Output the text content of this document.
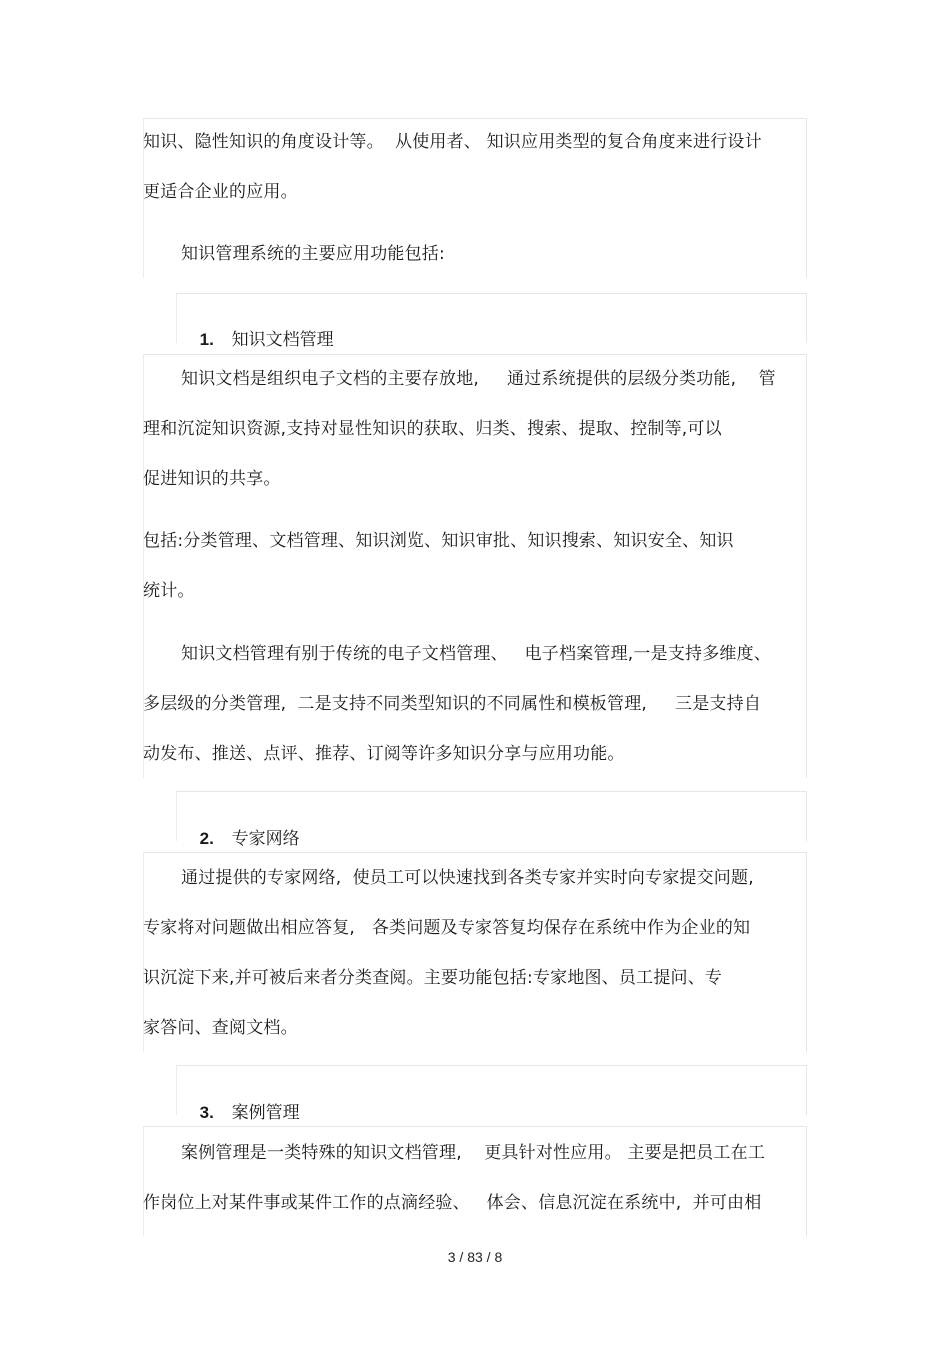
知识、隐性知识的角度设计等。  从使用者、 知识应用类型的复合角度来进行设计
更适合企业的应用。
知识管理系统的主要应用功能包括:

1. 知识文档管理

知识文档是组织电子文档的主要存放地,     通过系统提供的层级分类功能,    管
理和沉淀知识资源,支持对显性知识的获取、归类、搜索、提取、控制等,可以
促进知识的共享。
包括:分类管理、文档管理、知识浏览、知识审批、知识搜索、知识安全、知识
统计。
知识文档管理有别于传统的电子文档管理、   电子档案管理,一是支持多维度、
多层级的分类管理,  二是支持不同类型知识的不同属性和模板管理,     三是支持自
动发布、推送、点评、推荐、订阅等许多知识分享与应用功能。

2. 专家网络

通过提供的专家网络,  使员工可以快速找到各类专家并实时向专家提交问题,
专家将对问题做出相应答复,   各类问题及专家答复均保存在系统中作为企业的知
识沉淀下来,并可被后来者分类查阅。主要功能包括:专家地图、员工提问、专
家答问、查阅文档。

3. 案例管理

案例管理是一类特殊的知识文档管理,    更具针对性应用。 主要是把员工在工
作岗位上对某件事或某件工作的点滴经验、   体会、信息沉淀在系统中,  并可由相
3 / 83 / 8
